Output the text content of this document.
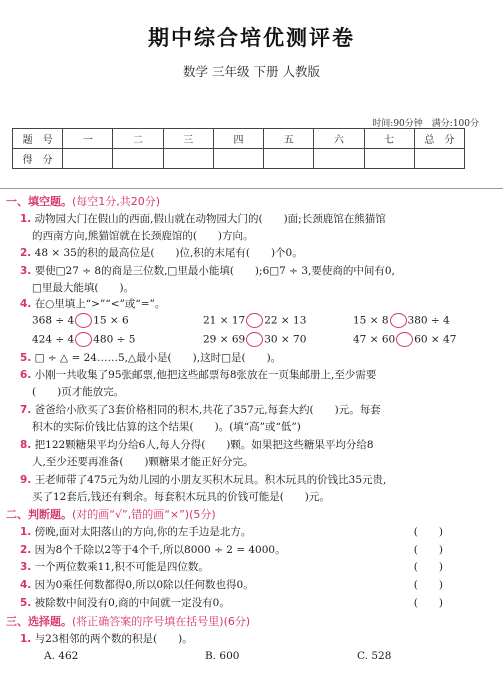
期中综合培优测评卷
数学 三年级 下册 人教版
时间:90分钟　满分:100分
题　号	一	二	三	四	五	六	七	总　分
得　分								
一、填空题。(每空1分,共20分)
1. 动物园大门在假山的西面,假山就在动物园大门的(　　)面;长颈鹿馆在熊猫馆
的西南方向,熊猫馆就在长颈鹿馆的(　　)方向。
2. 48 × 35的积的最高位是(　　)位,积的末尾有(　　)个0。
3. 要使□27 ÷ 8的商是三位数,□里最小能填(　　);6□7 ÷ 3,要使商的中间有0,
□里最大能填(　　)。
4. 在○里填上“>”“<”或“=”。
368 ÷ 4 15 × 6	21 × 17 22 × 13	15 × 8 380 ÷ 4
424 ÷ 4 480 ÷ 5	29 × 69 30 × 70	47 × 60 60 × 47
5. □ ÷ △ = 24……5,△最小是(　　),这时□是(　　)。
6. 小刚一共收集了95张邮票,他把这些邮票每8张放在一页集邮册上,至少需要
(　　)页才能放完。
7. 爸爸给小欣买了3套价格相同的积木,共花了357元,每套大约(　　)元。每套
积木的实际价钱比估算的这个结果(　　)。(填“高”或“低”)
8. 把122颗糖果平均分给6人,每人分得(　　)颗。如果把这些糖果平均分给8
人,至少还要再准备(　　)颗糖果才能正好分完。
9. 王老师带了475元为幼儿园的小朋友买积木玩具。积木玩具的价钱比35元贵,
买了12套后,钱还有剩余。每套积木玩具的价钱可能是(　　)元。
二、判断题。(对的画“√”,错的画“×”)(5分)
1. 傍晚,面对太阳落山的方向,你的左手边是北方。	(　　)
2. 因为8个千除以2等于4个千,所以8000 ÷ 2 = 4000。	(　　)
3. 一个两位数乘11,积不可能是四位数。	(　　)
4. 因为0乘任何数都得0,所以0除以任何数也得0。	(　　)
5. 被除数中间没有0,商的中间就一定没有0。	(　　)
三、选择题。(将正确答案的序号填在括号里)(6分)
1. 与23相邻的两个数的积是(　　)。
A. 462	B. 600	C. 528
